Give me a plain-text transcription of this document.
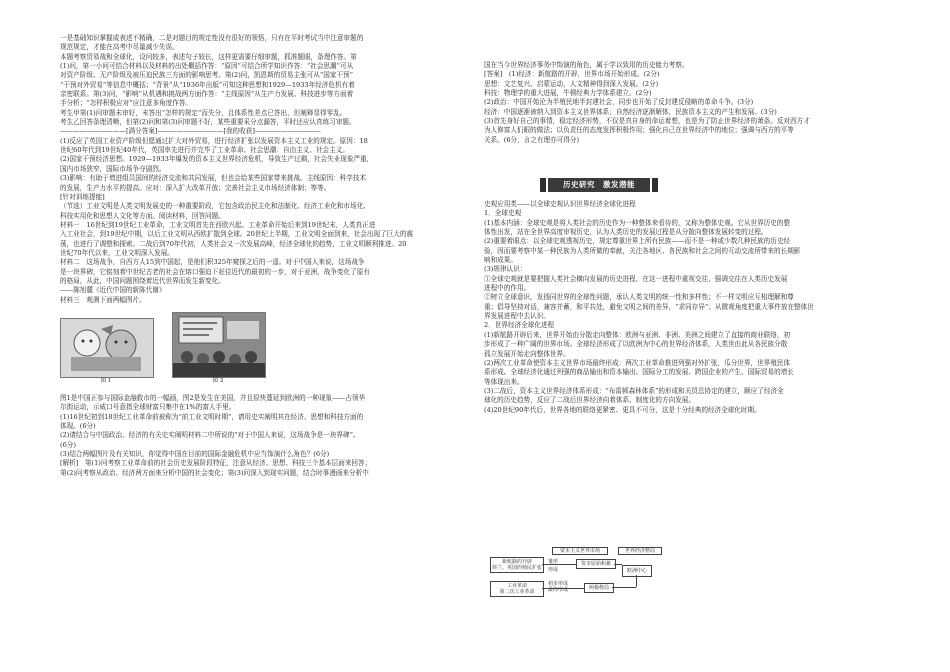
一是基础知识掌握或表述不精确，二是对题目的规定性没有很好的领悟，只有在平时考试当中注意审题的

规范规定，才能在高考中尽量减少失误。

本题考察贸易战和全球化，设问较多，表述句子较长，这样更需要仔细审题，抓准题眼，条理作答。第

(1)问，第一小问可结合材料以及材料的出处概括作答：“原因”可结合所学知识作答：“社会思潮”可从

对资产阶级、无产阶级及被压迫民族三方面的影响思考。第(2)问，凯恩斯的贸易主张可从“国家干预”

“干预对外贸易”等信息中概括；“背景”从“1936年出版”可知这种思想和1929—1933年经济危机有着

亲密联系。第(3)问，“影响”从机遇和挑战两方面作答：“主线原因”从生产力发展、科技进步等方面着

手分析；“怎样积极应对”应注意多角度作答。

考生甲第(1)问审题未审好，未答出“怎样的规定”而失分，且体系性差点已答出，但阐释显得零乱。

考生乙回答条理清晰，但第(2)问和第(3)问审题不好，某些重要采分点漏答，平时还应认真练习审题。

——————————[满分答案]——————————[我的收获]——————————

(1)反应了英国工业资产阶级但愿通过扩大对外贸易，进行经济扩张以发展资本主义工业的规定。原因：18

世纪60年代到19世纪40年代，英国率先进行并完毕了工业革命。社会思潮：自由主义、社会主义。

(2)国家干预经济思想。1929—1933年爆发的资本主义世界经济危机，导致生产过剩，社会失业现象严重，

国内市场狭窄，国际市场争夺剧烈。

(3)影响：有助于增进组员国间的经济交流和共同发展，但也会给某些国家带来挑战。主线原因：科学技术

的发展，生产力水平的提高。应对：深入扩大改革开放；完善社会主义市场经济体制；等等。

[针对训练提能]

（节选）工业文明是人类文明发展史的一种重要阶段，它包含政治民主化和法制化、经济工业化和市场化、

科技实用化和思想人文化等方面。阅读材料，回答问题。

材料一　16世纪到19世纪工业革命，工业文明首先在西欧兴起。工业革命开始后来到19世纪末，人类真正进

入工业社会，到19世纪中期，以后工业文明从西欧扩散到全球。20世纪上半期，工业文明全面到来，社会出现了巨大的震

荡，也进行了调整和探索。二战后到70年代初，人类社会又一次发展高峰，经济全球化的趋势，工业文明顺利推进。20

世纪70年代以来，工业文明深入发展。

材料二　这场战争，自西方人15到中国起，是他们积325年窥探之后的一遥。对于中国人来说，这场战争

是一块界碑，它铭刻着中世纪古老的社会在熔口强迫下赶往近代的最初的一步，对于亚洲，战争变化了原有

的格局，从此，中国问题围绕着近代世界而发生新变化。

——陈旭麓《近代中国的新陈代谢》

材料三　观测下面两幅图片。

图 1	图 2

图1是中国正参与国际金融救市的一幅画，图2是发生在美国，并且很快蔓延到欧洲的一种现象——占领华

尔街运动，示威口号意指全球财富只集中在1%的富人手里。

(1)16世纪初到18世纪工业革命前被称为“前工业文明时期”，请用史实阐明其在经济、思想和科技方面的

体现。(6分)

(2)请结合与中国政治、经济的有关史实阐明材料二中所说的“对于中国人来说，这场战争是一块界碑”。

(6分)

(3)结合两幅图片及有关知识，你觉得中国在目前的国际金融危机中应当饰演什么角色？(6分)

[解析]　第(1)问考察工业革命前的社会历史发展阶段特征，注意从经济、思想、科技三个基本层面来回答；

第(2)问考察从政治、经济两方面来分析中国的社会变化；第(3)问深入到现实问题，结合时事漫画来分析中

国在当今世界经济事务中饰演的角色，属于学以致用的历史能力考察。

[答案]　(1)经济：新航路的开辟，世界市场开始形成。(2分)

思想：文艺复兴、启蒙运动，人文精神得到深入发展。(2分)

科技：物理学的重大进展，牛顿经典力学体系建立。(2分)

(2)政治：中国开始沦为半殖民地半封建社会，同步也开始了反封建反侵略的革命斗争。(3分)

经济：中国逐渐被纳入到资本主义世界体系；自然经济逐渐解体，民族资本主义的产生和发展。(3分)

(3)首先身好自己的事情，稳定经济形势，不仅是真自身的命运着想，也是为了防止世界经济的萧条。反对西方才

为人修富人们眼的做法；以负责任的态度发挥积极作用；强化自己在世界经济中的地位；强调与西方的平等

关系。(6分，言之有理亦可得分)

史观应用类——以全球史观认识世界经济全球化进程

1．全球史观

(1)基本内涵：全球史观是将人类社会的历史作为一种整体来看待的，又称为整体史观。它从世界历史的整

体性出发，站在全世界高度审视历史，认为人类历史的发展过程是从分散向整体发展转变的过程。

(2)重要着眼点：以全球史观透视历史，规定尊重世界上所有民族——而不是一种或少数几种民族的历史经

验，因而要考察中某一种民族为人类所做的奉献，关注各地区、各民族和社会之间的互动交流所带来的长期影

响和成果。

(3)规律认识：

①全球史观就是要把握人类社会横向发展的历史进程，在这一进程中重视交往、强调交往在人类历史发展

进程中的作用。

②树立全球意识，发扬同世界的全球性问题，承认人类文明的统一性和多样性；不一样文明应互相理解和尊

重；倡导坚持对话，兼容并蓄，和平共处，避免文明之间的差异，“求同存异”；从微观角度把重大事件放在整体世

界发展进程中去认识。

2．世界经济全球化进程

(1)新航路开辟后来，世界开始由分散走向整体：欧洲与亚洲、非洲、美洲之间建立了直接的商业联络，初

步形成了一种广阔的世界市场。全球经济形成了以欧洲为中心的世界经济体系，人类世由此从各民族分散

孤立发展开始走向整体世界。

(2)两次工业革命使资本主义世界市场最终形成：两次工业革命推进列强对外扩张，瓜分世界，世界殖民体

系形成。全球经济化通过列强的商品输出和资本输出、国际分工的发展、跨国企业的产生、国际贸易的增长

等体现出来。

(3)二战后，资本主义世界经济体系形成：“布雷顿森林体系”的形成和关贸总协定的建立，顺应了经济全

球化的历史趋势，反应了二战后世界经济向着体系、制度化的方向发展。

(4)20世纪90年代后，世界各地的联络更紧密、更具不可分，这是十分经典的经济全球化时期。

历史研究　激发潜能
资本主义世界市场	世界经济格局
新航路的开辟
荷兰、英国的殖民扩张
工业革命
第二次工业革命
雏形
形成
初步形成
最终形成
资本原始积累
欧洲中心
两极格局
